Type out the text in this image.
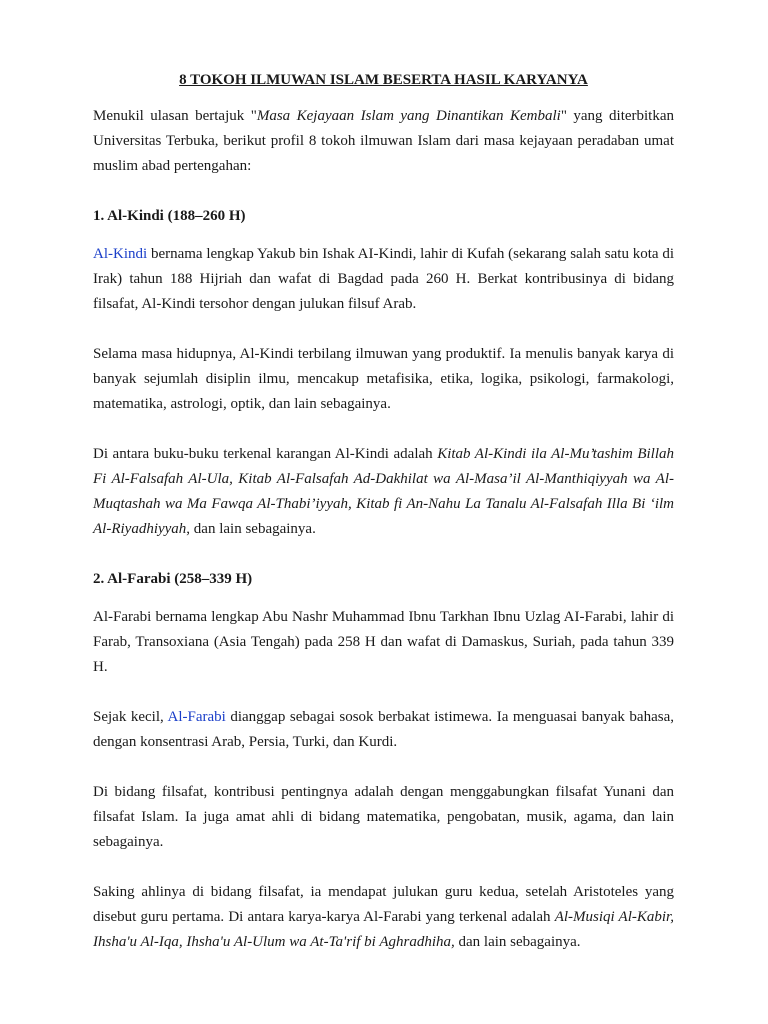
8 TOKOH ILMUWAN ISLAM BESERTA HASIL KARYANYA

Menukil ulasan bertajuk "Masa Kejayaan Islam yang Dinantikan Kembali" yang diterbitkan Universitas Terbuka, berikut profil 8 tokoh ilmuwan Islam dari masa kejayaan peradaban umat muslim abad pertengahan:

1. Al-Kindi (188–260 H)

Al-Kindi bernama lengkap Yakub bin Ishak AI-Kindi, lahir di Kufah (sekarang salah satu kota di Irak) tahun 188 Hijriah dan wafat di Bagdad pada 260 H. Berkat kontribusinya di bidang filsafat, Al-Kindi tersohor dengan julukan filsuf Arab.

Selama masa hidupnya, Al-Kindi terbilang ilmuwan yang produktif. Ia menulis banyak karya di banyak sejumlah disiplin ilmu, mencakup metafisika, etika, logika, psikologi, farmakologi, matematika, astrologi, optik, dan lain sebagainya.

Di antara buku-buku terkenal karangan Al-Kindi adalah Kitab Al-Kindi ila Al-Mu’tashim Billah Fi Al-Falsafah Al-Ula, Kitab Al-Falsafah Ad-Dakhilat wa Al-Masa’il Al-Manthiqiyyah wa Al-Muqtashah wa Ma Fawqa Al-Thabi’iyyah, Kitab fi An-Nahu La Tanalu Al-Falsafah Illa Bi ‘ilm Al-Riyadhiyyah, dan lain sebagainya.

2. Al-Farabi (258–339 H)

Al-Farabi bernama lengkap Abu Nashr Muhammad Ibnu Tarkhan Ibnu Uzlag AI-Farabi, lahir di Farab, Transoxiana (Asia Tengah) pada 258 H dan wafat di Damaskus, Suriah, pada tahun 339 H.

Sejak kecil, Al-Farabi dianggap sebagai sosok berbakat istimewa. Ia menguasai banyak bahasa, dengan konsentrasi Arab, Persia, Turki, dan Kurdi.

Di bidang filsafat, kontribusi pentingnya adalah dengan menggabungkan filsafat Yunani dan filsafat Islam. Ia juga amat ahli di bidang matematika, pengobatan, musik, agama, dan lain sebagainya.

Saking ahlinya di bidang filsafat, ia mendapat julukan guru kedua, setelah Aristoteles yang disebut guru pertama. Di antara karya-karya Al-Farabi yang terkenal adalah Al-Musiqi Al-Kabir, Ihsha'u Al-Iqa, Ihsha'u Al-Ulum wa At-Ta'rif bi Aghradhiha, dan lain sebagainya.
